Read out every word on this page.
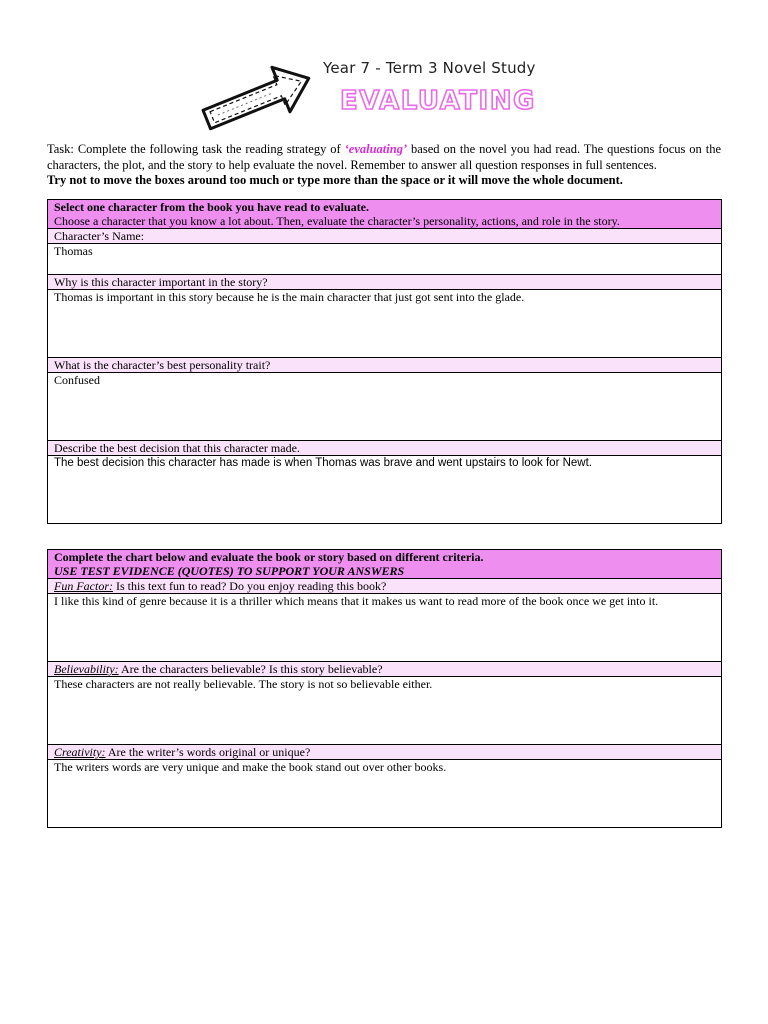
Year 7 - Term 3 Novel Study
EVALUATING
Task: Complete the following task the reading strategy of ‘evaluating’ based on the novel you had read. The questions focus on the characters, the plot, and the story to help evaluate the novel. Remember to answer all question responses in full sentences.
Try not to move the boxes around too much or type more than the space or it will move the whole document.
Select one character from the book you have read to evaluate.
Choose a character that you know a lot about. Then, evaluate the character’s personality, actions, and role in the story.

Character’s Name:
Thomas
Why is this character important in the story?
Thomas is important in this story because he is the main character that just got sent into the glade.
What is the character’s best personality trait?
Confused
Describe the best decision that this character made.
The best decision this character has made is when Thomas was brave and went upstairs to look for Newt.
Complete the chart below and evaluate the book or story based on different criteria.
USE TEST EVIDENCE (QUOTES) TO SUPPORT YOUR ANSWERS

Fun Factor: Is this text fun to read? Do you enjoy reading this book?
I like this kind of genre because it is a thriller which means that it makes us want to read more of the book once we get into it.
Believability: Are the characters believable? Is this story believable?
These characters are not really believable. The story is not so believable either.
Creativity: Are the writer’s words original or unique?
The writers words are very unique and make the book stand out over other books.
